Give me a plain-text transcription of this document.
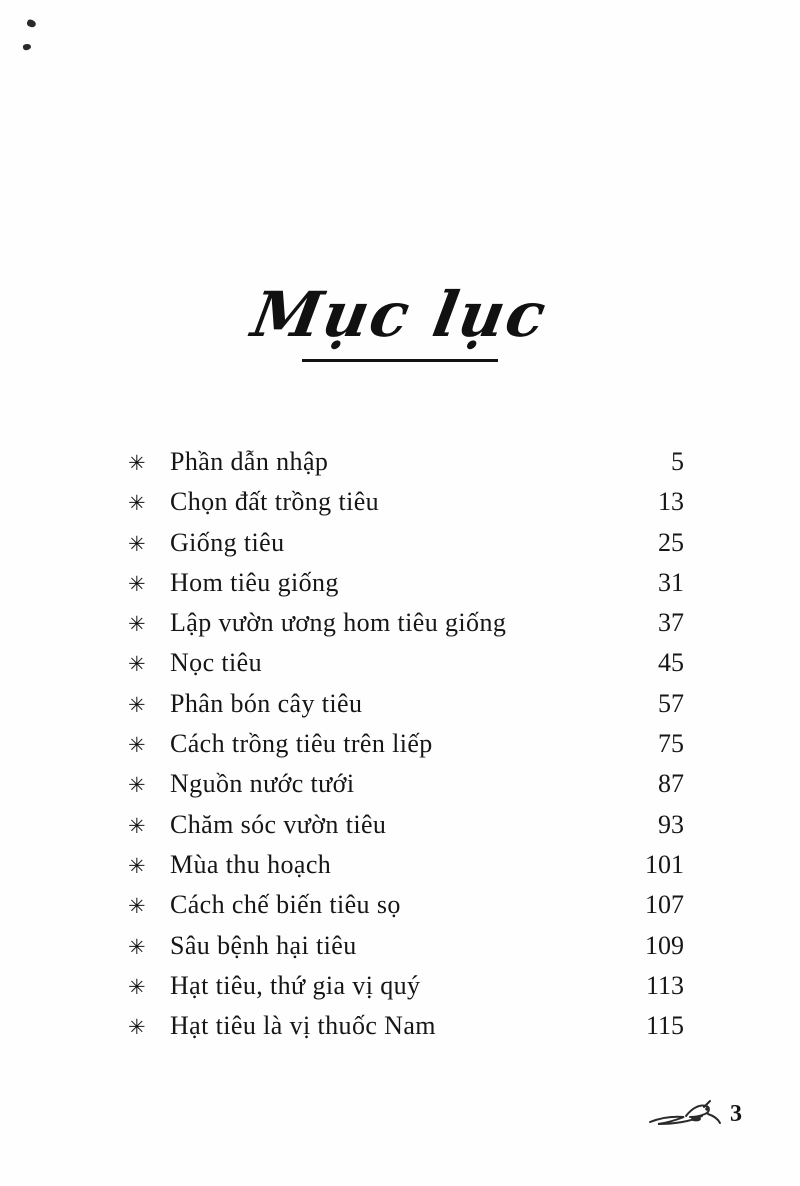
Mục lục
✳ Phần dẫn nhập	5
✳ Chọn đất trồng tiêu	13
✳ Giống tiêu	25
✳ Hom tiêu giống	31
✳ Lập vườn ương hom tiêu giống	37
✳ Nọc tiêu	45
✳ Phân bón cây tiêu	57
✳ Cách trồng tiêu trên liếp	75
✳ Nguồn nước tưới	87
✳ Chăm sóc vườn tiêu	93
✳ Mùa thu hoạch	101
✳ Cách chế biến tiêu sọ	107
✳ Sâu bệnh hại tiêu	109
✳ Hạt tiêu, thứ gia vị quý	113
✳ Hạt tiêu là vị thuốc Nam	115
3
